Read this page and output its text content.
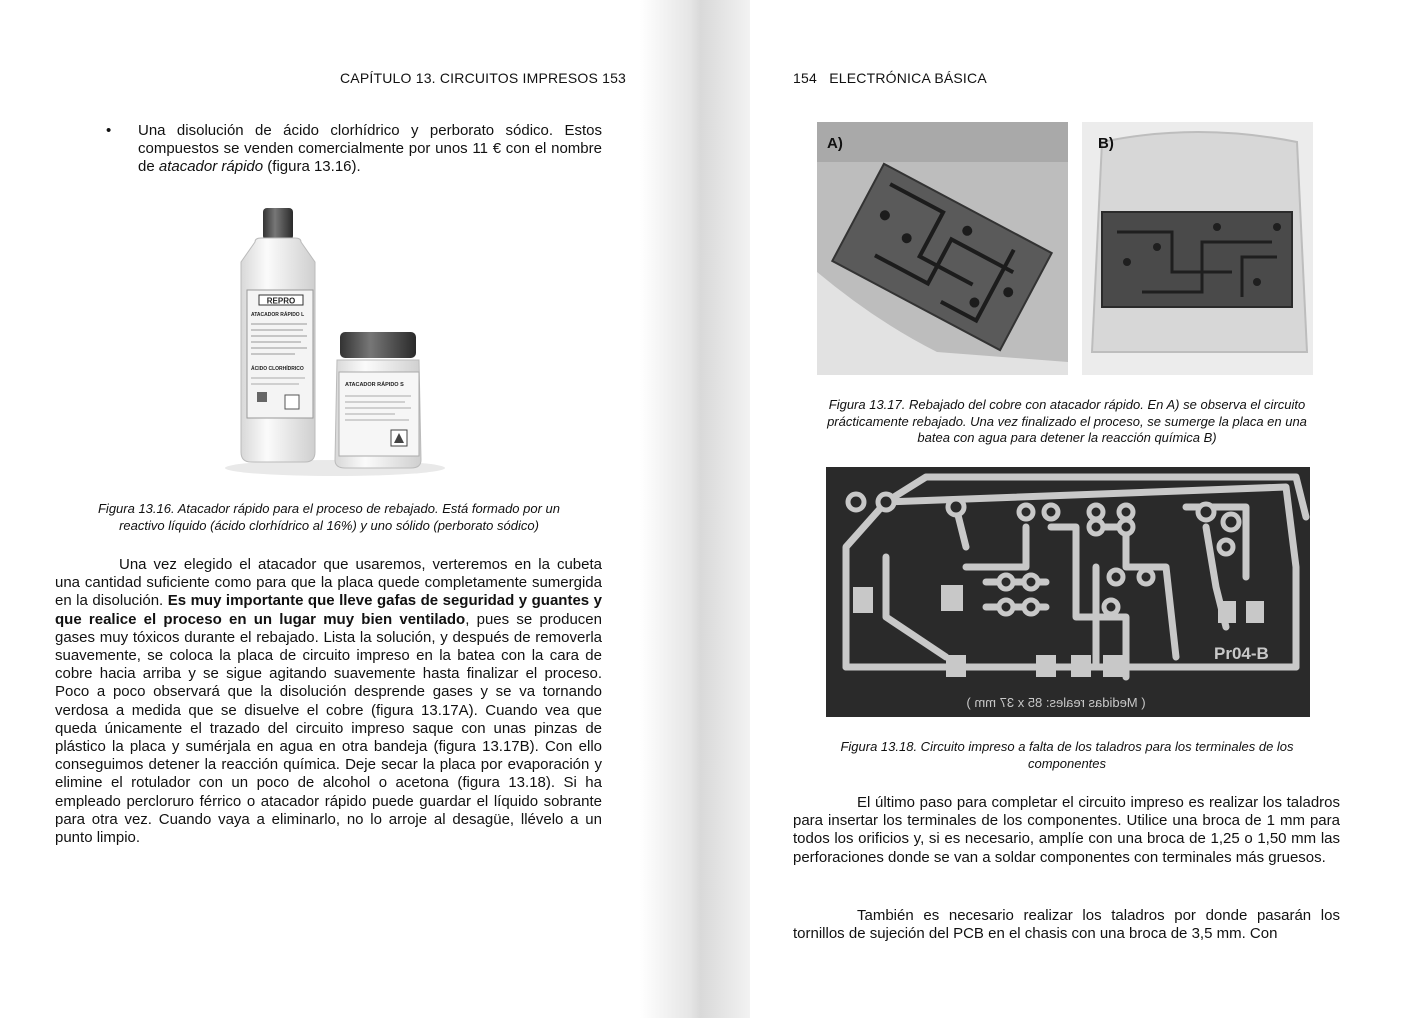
CAPÍTULO 13. CIRCUITOS IMPRESOS 153
• Una disolución de ácido clorhídrico y perborato sódico. Estos compuestos se venden comercialmente por unos 11 € con el nombre de atacador rápido (figura 13.16).
REPRO
ATACADOR RÁPIDO L
ÁCIDO CLORHÍDRICO
ATACADOR RÁPIDO S
Figura 13.16. Atacador rápido para el proceso de rebajado. Está formado por un
reactivo líquido (ácido clorhídrico al 16%) y uno sólido (perborato sódico)
Una vez elegido el atacador que usaremos, verteremos en la cubeta una cantidad suficiente como para que la placa quede completamente sumergida en la disolución. Es muy importante que lleve gafas de seguridad y guantes y que realice el proceso en un lugar muy bien ventilado, pues se producen gases muy tóxicos durante el rebajado. Lista la solución, y después de removerla suavemente, se coloca la placa de circuito impreso en la batea con la cara de cobre hacia arriba y se sigue agitando suavemente hasta finalizar el proceso. Poco a poco observará que la disolución desprende gases y se va tornando verdosa a medida que se disuelve el cobre (figura 13.17A). Cuando vea que queda únicamente el trazado del circuito impreso saque con unas pinzas de plástico la placa y sumérjala en agua en otra bandeja (figura 13.17B). Con ello conseguimos detener la reacción química. Deje secar la placa por evaporación y elimine el rotulador con un poco de alcohol o acetona (figura 13.18). Si ha empleado percloruro férrico o atacador rápido puede guardar el líquido sobrante para otra vez. Cuando vaya a eliminarlo, no lo arroje al desagüe, llévelo a un punto limpio.
154   ELECTRÓNICA BÁSICA
A)	B)
Figura 13.17. Rebajado del cobre con atacador rápido. En A) se observa el circuito
prácticamente rebajado. Una vez finalizado el proceso, se sumerge la placa en una
batea con agua para detener la reacción química B)
Pr04-B
( Medidas reales: 85 x 37 mm )
Figura 13.18. Circuito impreso a falta de los taladros para los terminales de los
componentes
El último paso para completar el circuito impreso es realizar los taladros para insertar los terminales de los componentes. Utilice una broca de 1 mm para todos los orificios y, si es necesario, amplíe con una broca de 1,25 o 1,50 mm las perforaciones donde se van a soldar componentes con terminales más gruesos.
También es necesario realizar los taladros por donde pasarán los tornillos de sujeción del PCB en el chasis con una broca de 3,5 mm. Con
